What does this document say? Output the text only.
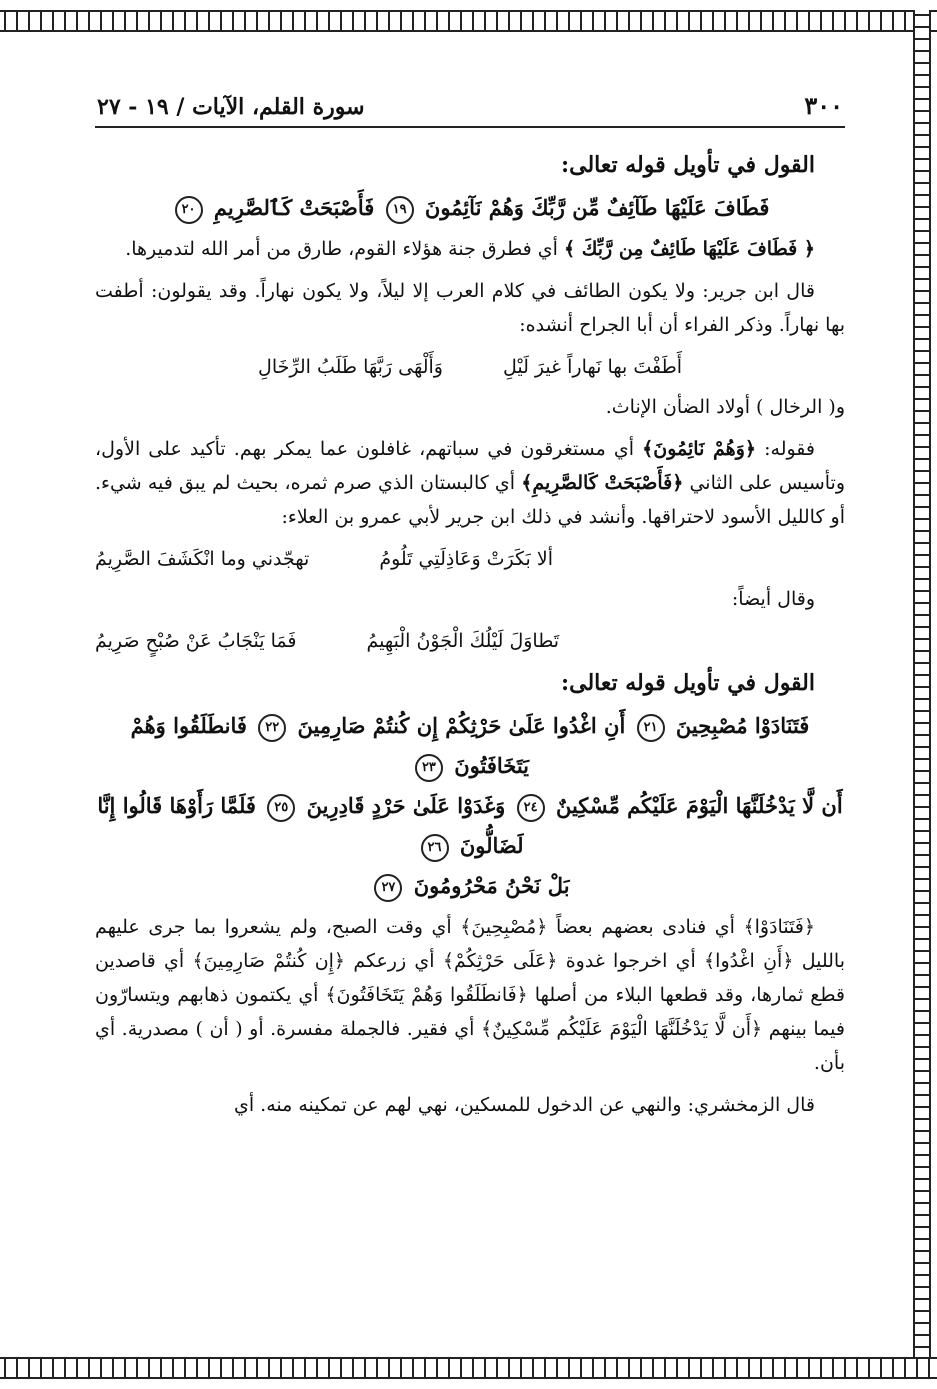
٣٠٠
سورة القلم، الآيات / ١٩ - ٢٧
القول في تأويل قوله تعالى:
فَطَافَ عَلَيْهَا طَآئِفٌ مِّن رَّبِّكَ وَهُمْ نَآئِمُونَ ١٩ فَأَصْبَحَتْ كَٱلصَّرِيمِ ٢٠

﴿ فَطَافَ عَلَيْهَا طَائِفٌ مِن رَّبِّكَ ﴾ أي فطرق جنة هؤلاء القوم، طارق من أمر الله لتدميرها.

قال ابن جرير: ولا يكون الطائف في كلام العرب إلا ليلاً، ولا يكون نهاراً. وقد يقولون: أطفت بها نهاراً. وذكر الفراء أن أبا الجراح أنشده:

أَطَفْتَ بها نَهاراً غيرَ لَيْلِ
وَأَلْهَى رَبَّهَا طَلَبُ الرِّخَالِ

و( الرخال ) أولاد الضأن الإناث.

فقوله: ﴿وَهُمْ نَائِمُونَ﴾ أي مستغرقون في سباتهم، غافلون عما يمكر بهم. تأكيد على الأول، وتأسيس على الثاني ﴿فَأَصْبَحَتْ كَالصَّرِيمِ﴾ أي كالبستان الذي صرم ثمره، بحيث لم يبق فيه شيء. أو كالليل الأسود لاحتراقها. وأنشد في ذلك ابن جرير لأبي عمرو بن العلاء:

ألا بَكَرَتْ وَعَاذِلَتِي تَلُومُ
تهجّدني وما انْكَشَفَ الصَّرِيمُ

وقال أيضاً:

تَطاوَلَ لَيْلُكَ الْجَوْنُ الْبَهِيمُ
فَمَا يَنْجَابُ عَنْ صُبْحٍ صَرِيمُ
القول في تأويل قوله تعالى:
فَتَنَادَوْا مُصْبِحِينَ ٢١ أَنِ اغْدُوا عَلَىٰ حَرْثِكُمْ إِن كُنتُمْ صَارِمِينَ ٢٢ فَانطَلَقُوا وَهُمْ يَتَخَافَتُونَ ٢٣
أَن لَّا يَدْخُلَنَّهَا الْيَوْمَ عَلَيْكُم مِّسْكِينٌ ٢٤ وَغَدَوْا عَلَىٰ حَرْدٍ قَادِرِينَ ٢٥ فَلَمَّا رَأَوْهَا قَالُوا إِنَّا لَضَالُّونَ ٢٦
بَلْ نَحْنُ مَحْرُومُونَ ٢٧

﴿فَتَنَادَوْا﴾ أي فنادى بعضهم بعضاً ﴿مُصْبِحِينَ﴾ أي وقت الصبح، ولم يشعروا بما جرى عليهم بالليل ﴿أَنِ اغْدُوا﴾ أي اخرجوا غدوة ﴿عَلَى حَرْثِكُمْ﴾ أي زرعكم ﴿إِن كُنتُمْ صَارِمِينَ﴾ أي قاصدين قطع ثمارها، وقد قطعها البلاء من أصلها ﴿فَانطَلَقُوا وَهُمْ يَتَخَافَتُونَ﴾ أي يكتمون ذهابهم ويتسارّون فيما بينهم ﴿أَن لَّا يَدْخُلَنَّهَا الْيَوْمَ عَلَيْكُم مِّسْكِينٌ﴾ أي فقير. فالجملة مفسرة. أو ( أن ) مصدرية. أي بأن.

قال الزمخشري: والنهي عن الدخول للمسكين، نهي لهم عن تمكينه منه. أي
